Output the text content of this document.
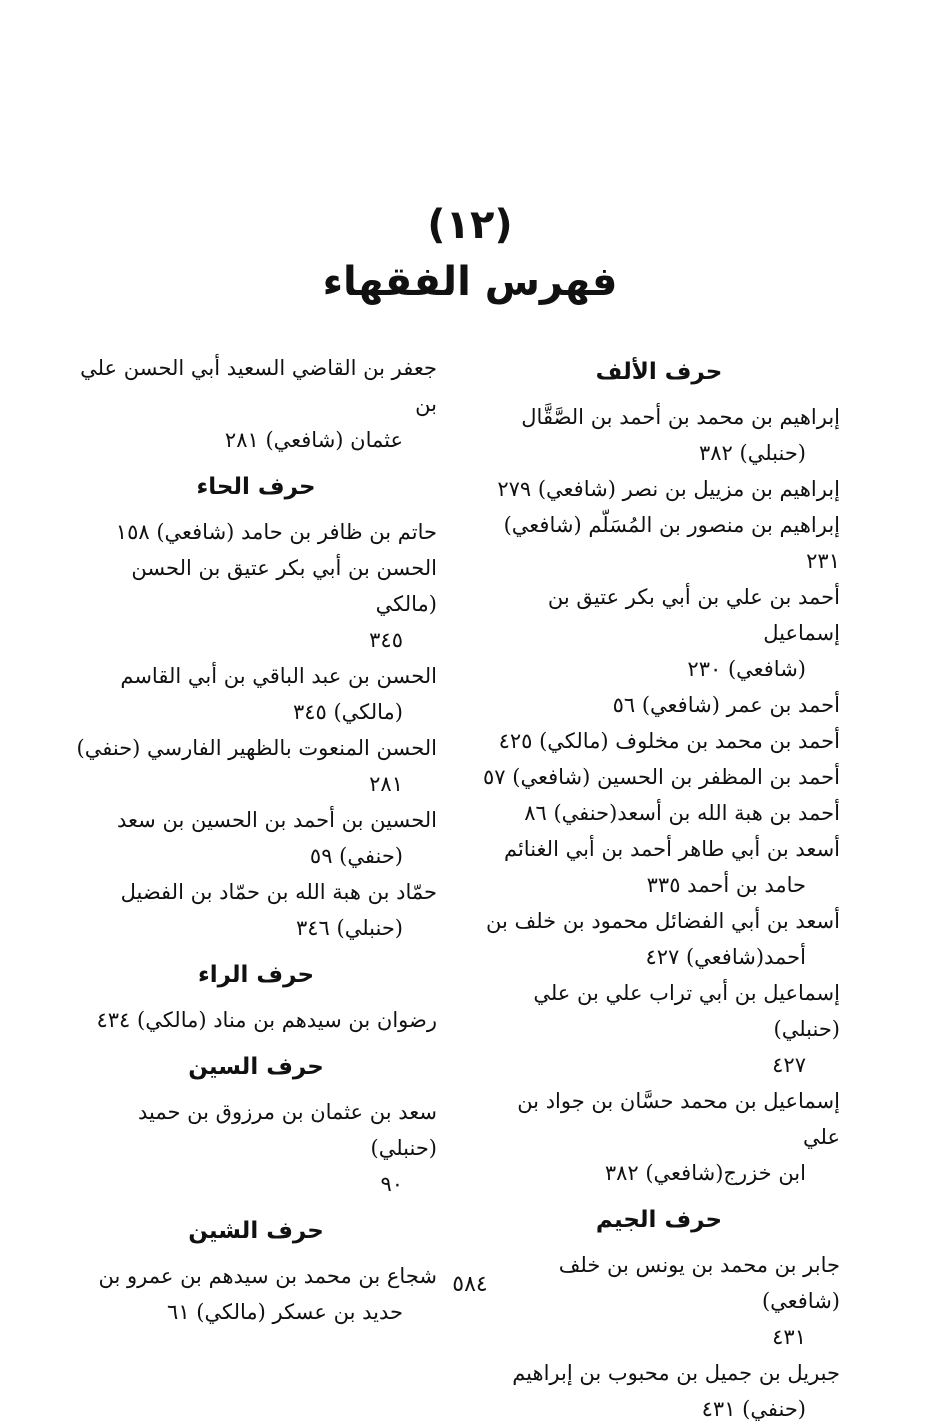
(١٢)
فهرس الفقهاء
حرف الألف
إبراهيم بن محمد بن أحمد بن الصَّقَّال
(حنبلي) ٣٨٢
إبراهيم بن مزييل بن نصر (شافعي) ٢٧٩
إبراهيم بن منصور بن المُسَلّم (شافعي) ٢٣١
أحمد بن علي بن أبي بكر عتيق بن إسماعيل
(شافعي) ٢٣٠
أحمد بن عمر (شافعي) ٥٦
أحمد بن محمد بن مخلوف (مالكي) ٤٢٥
أحمد بن المظفر بن الحسين (شافعي) ٥٧
أحمد بن هبة الله بن أسعد(حنفي) ٨٦
أسعد بن أبي طاهر أحمد بن أبي الغنائم
حامد بن أحمد ٣٣٥
أسعد بن أبي الفضائل محمود بن خلف بن
أحمد(شافعي) ٤٢٧
إسماعيل بن أبي تراب علي بن علي (حنبلي)
٤٢٧
إسماعيل بن محمد حسَّان بن جواد بن علي
ابن خزرج(شافعي) ٣٨٢
حرف الجيم
جابر بن محمد بن يونس بن خلف (شافعي)
٤٣١
جبريل بن جميل بن محبوب بن إبراهيم
(حنفي) ٤٣١
جعفر بن القاضي السعيد أبي الحسن علي بن
عثمان (شافعي) ٢٨١
حرف الحاء
حاتم بن ظافر بن حامد (شافعي) ١٥٨
الحسن بن أبي بكر عتيق بن الحسن (مالكي
٣٤٥
الحسن بن عبد الباقي بن أبي القاسم
(مالكي) ٣٤٥
الحسن المنعوت بالظهير الفارسي (حنفي)
٢٨١
الحسين بن أحمد بن الحسين بن سعد
(حنفي) ٥٩
حمّاد بن هبة الله بن حمّاد بن الفضيل
(حنبلي) ٣٤٦
حرف الراء
رضوان بن سيدهم بن مناد (مالكي) ٤٣٤
حرف السين
سعد بن عثمان بن مرزوق بن حميد (حنبلي)
٩٠
حرف الشين
شجاع بن محمد بن سيدهم بن عمرو بن
حديد بن عسكر (مالكي) ٦١
٥٨٤
